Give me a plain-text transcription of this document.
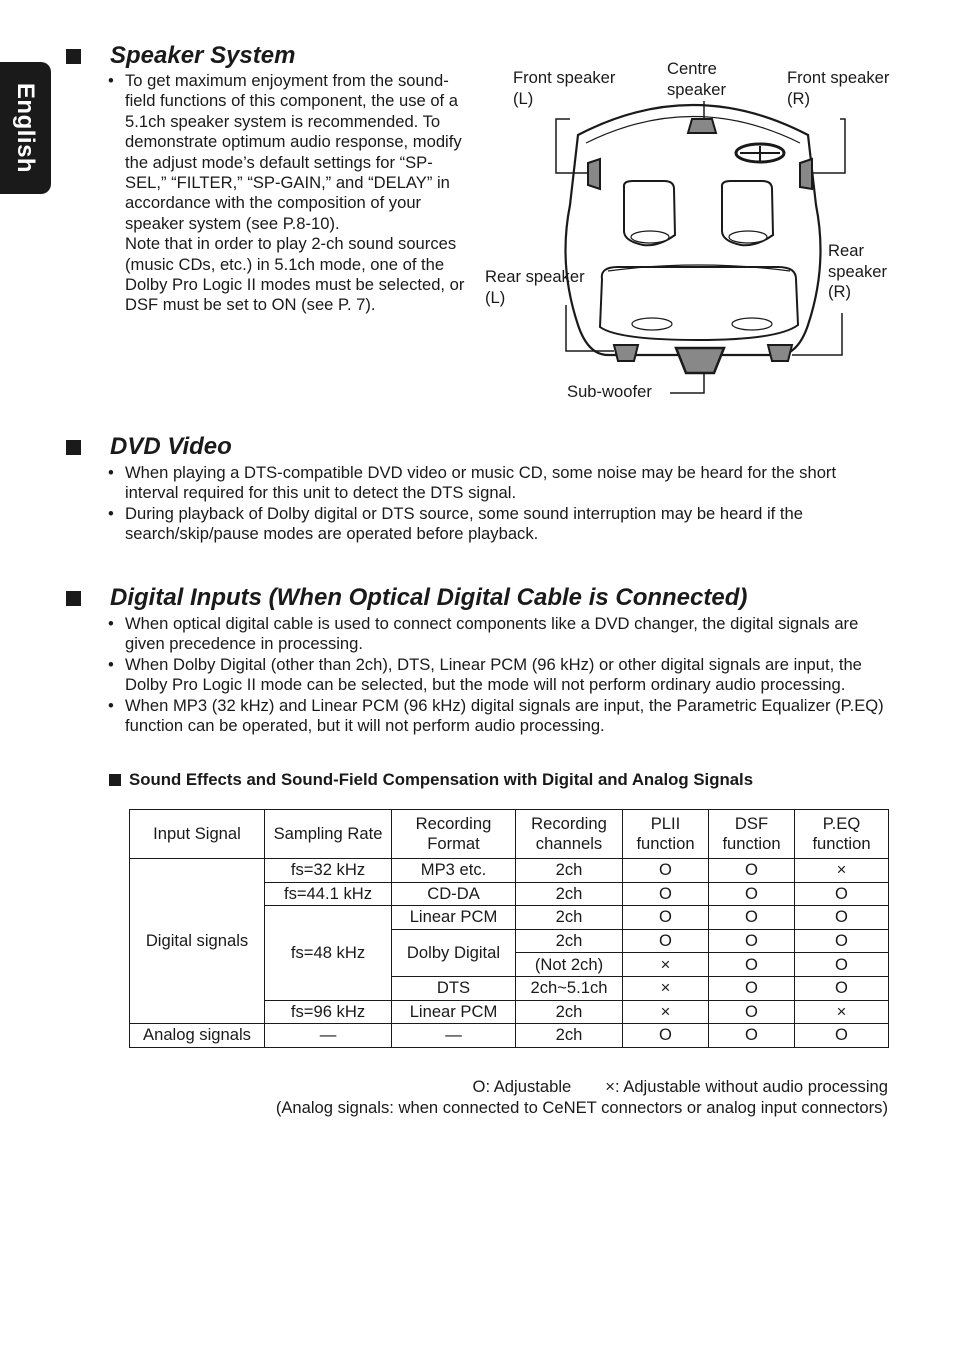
English
Speaker System
• To get maximum enjoyment from the sound-field functions of this component, the use of a 5.1ch speaker system is recommended. To demonstrate optimum audio response, modify the adjust mode’s default settings for “SP-SEL,” “FILTER,” “SP-GAIN,” and “DELAY” in accordance with the composition of your speaker system (see P.8-10).
Note that in order to play 2-ch sound sources (music CDs, etc.) in 5.1ch mode, one of the Dolby Pro Logic II modes must be selected, or DSF must be set to ON (see P. 7).
Front speaker (L)
Centre speaker
Front speaker (R)
Rear speaker (L)
Rear speaker (R)
Sub-woofer
DVD Video
• When playing a DTS-compatible DVD video or music CD, some noise may be heard for the short interval required for this unit to detect the DTS signal.
• During playback of Dolby digital or DTS source, some sound interruption may be heard if the search/skip/pause modes are operated before playback.
Digital Inputs (When Optical Digital Cable is Connected)
• When optical digital cable is used to connect components like a DVD changer, the digital signals are given precedence in processing.
• When Dolby Digital (other than 2ch), DTS, Linear PCM (96 kHz) or other digital signals are input, the Dolby Pro Logic II mode can be selected, but the mode will not perform ordinary audio processing.
• When MP3 (32 kHz) and Linear PCM (96 kHz) digital signals are input, the Parametric Equalizer (P.EQ) function can be operated, but it will not perform audio processing.
Sound Effects and Sound-Field Compensation with Digital and Analog Signals
Input Signal	Sampling Rate	Recording Format	Recording channels	PLII function	DSF function	P.EQ function
Digital signals	fs=32 kHz	MP3 etc.	2ch	O	O	×
	fs=44.1 kHz	CD-DA	2ch	O	O	O
	fs=48 kHz	Linear PCM	2ch	O	O	O
		Dolby Digital	2ch	O	O	O
			(Not 2ch)	×	O	O
		DTS	2ch~5.1ch	×	O	O
	fs=96 kHz	Linear PCM	2ch	×	O	×
Analog signals	—	—	2ch	O	O	O
O: Adjustable ×: Adjustable without audio processing
(Analog signals: when connected to CeNET connectors or analog input connectors)
